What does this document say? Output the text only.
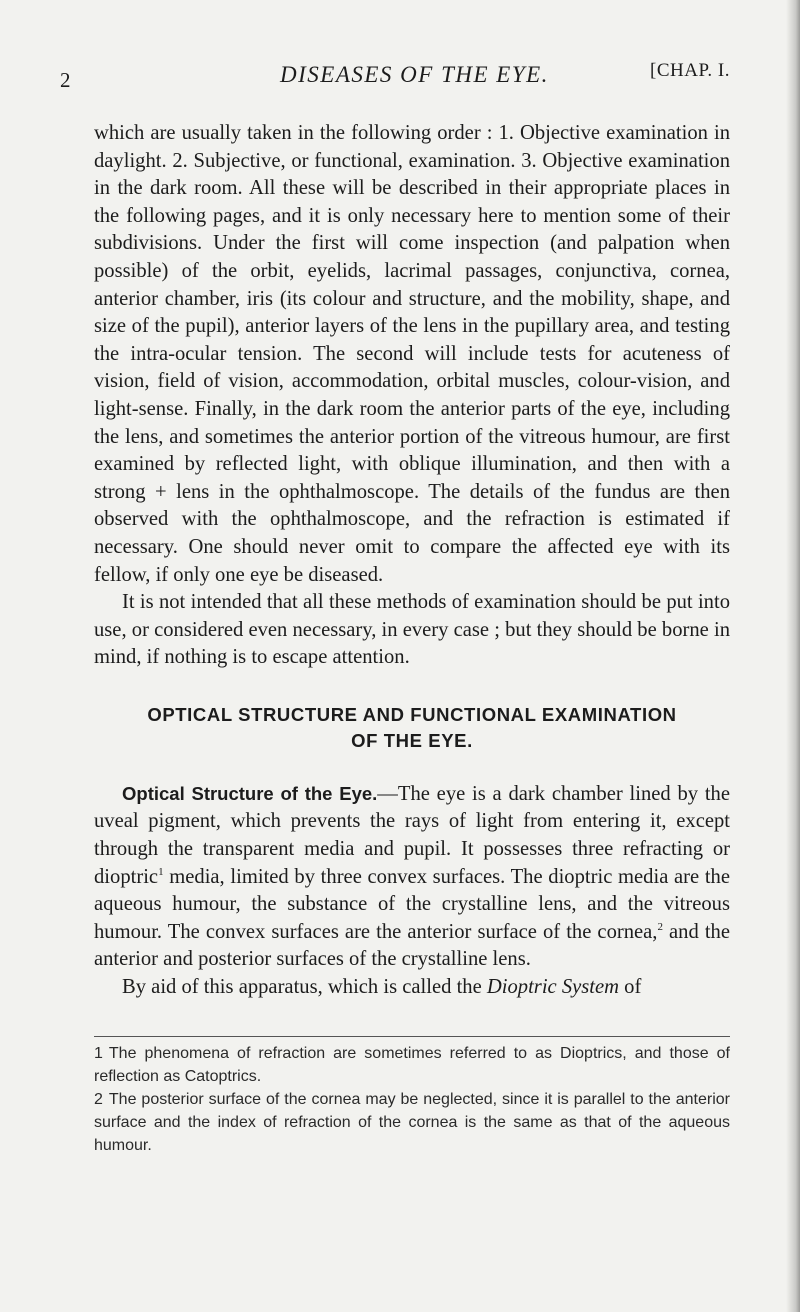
2	DISEASES OF THE EYE.	[CHAP. I.

which are usually taken in the following order : 1. Objective examination in daylight. 2. Subjective, or functional, examination. 3. Objective examination in the dark room. All these will be described in their appropriate places in the following pages, and it is only necessary here to mention some of their subdivisions. Under the first will come inspection (and palpation when possible) of the orbit, eyelids, lacrimal passages, conjunctiva, cornea, anterior chamber, iris (its colour and structure, and the mobility, shape, and size of the pupil), anterior layers of the lens in the pupillary area, and testing the intra-ocular tension. The second will include tests for acuteness of vision, field of vision, accommodation, orbital muscles, colour-vision, and light-sense. Finally, in the dark room the anterior parts of the eye, including the lens, and sometimes the anterior portion of the vitreous humour, are first examined by reflected light, with oblique illumination, and then with a strong + lens in the ophthalmoscope. The details of the fundus are then observed with the ophthalmoscope, and the refraction is estimated if necessary. One should never omit to compare the affected eye with its fellow, if only one eye be diseased.

It is not intended that all these methods of examination should be put into use, or considered even necessary, in every case ; but they should be borne in mind, if nothing is to escape attention.

OPTICAL STRUCTURE AND FUNCTIONAL EXAMINATION
OF THE EYE.

Optical Structure of the Eye.—The eye is a dark chamber lined by the uveal pigment, which prevents the rays of light from entering it, except through the transparent media and pupil. It possesses three refracting or dioptric$^1$ media, limited by three convex surfaces. The dioptric media are the aqueous humour, the substance of the crystalline lens, and the vitreous humour. The convex surfaces are the anterior surface of the cornea,$^2$ and the anterior and posterior surfaces of the crystalline lens.

By aid of this apparatus, which is called the Dioptric System of

1 The phenomena of refraction are sometimes referred to as Dioptrics, and those of reflection as Catoptrics.

2 The posterior surface of the cornea may be neglected, since it is parallel to the anterior surface and the index of refraction of the cornea is the same as that of the aqueous humour.
